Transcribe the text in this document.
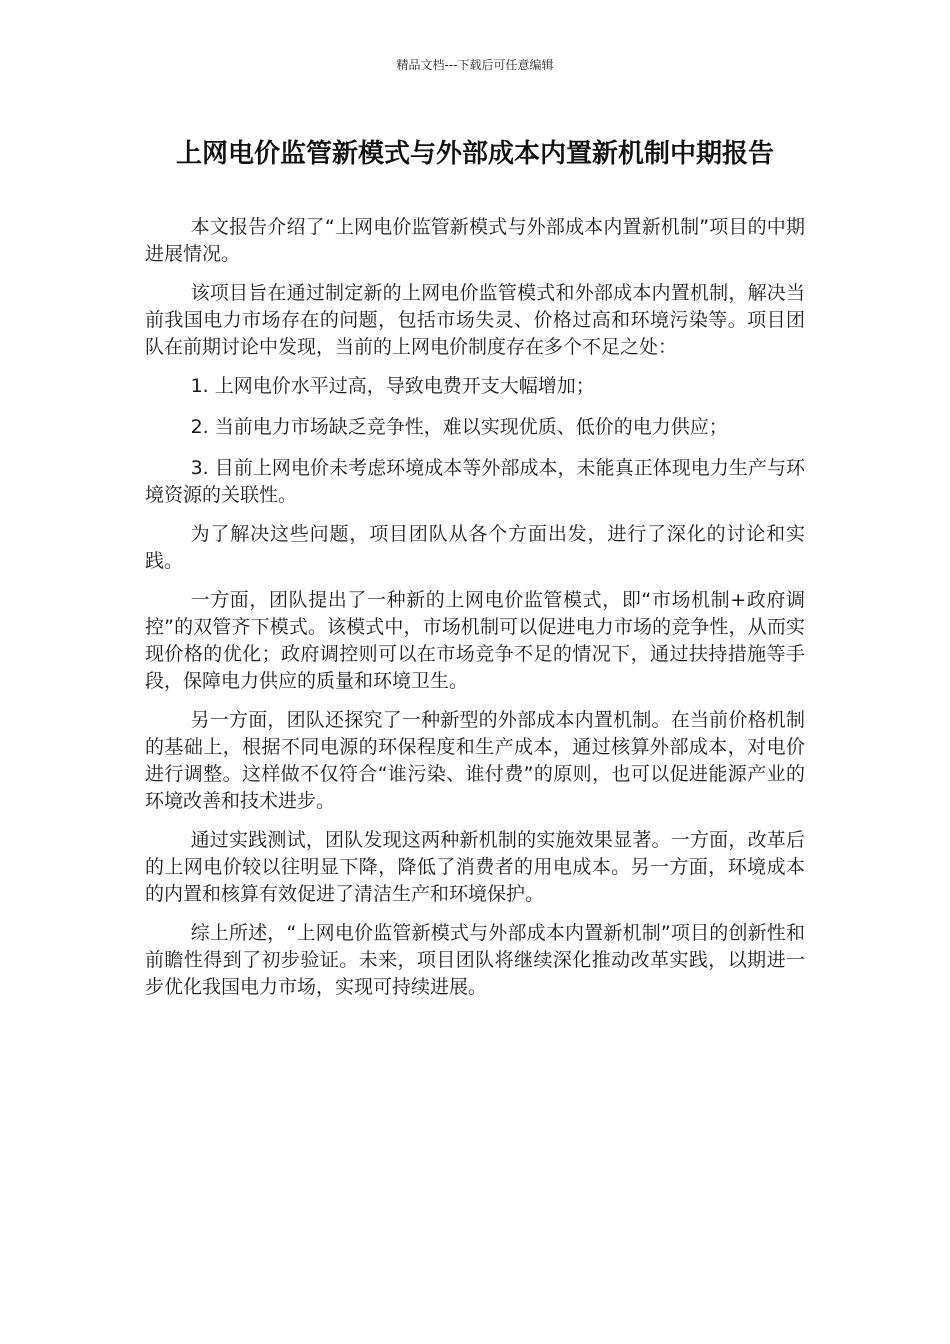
精品文档---下载后可任意编辑
上网电价监管新模式与外部成本内置新机制中期报告

本文报告介绍了“上网电价监管新模式与外部成本内置新机制”项目的中期进展情况。

该项目旨在通过制定新的上网电价监管模式和外部成本内置机制，解决当前我国电力市场存在的问题，包括市场失灵、价格过高和环境污染等。项目团队在前期讨论中发现，当前的上网电价制度存在多个不足之处：

1. 上网电价水平过高，导致电费开支大幅增加；

2. 当前电力市场缺乏竞争性，难以实现优质、低价的电力供应；

3. 目前上网电价未考虑环境成本等外部成本，未能真正体现电力生产与环境资源的关联性。

为了解决这些问题，项目团队从各个方面出发，进行了深化的讨论和实践。

一方面，团队提出了一种新的上网电价监管模式，即“市场机制+政府调控”的双管齐下模式。该模式中，市场机制可以促进电力市场的竞争性，从而实现价格的优化；政府调控则可以在市场竞争不足的情况下，通过扶持措施等手段，保障电力供应的质量和环境卫生。

另一方面，团队还探究了一种新型的外部成本内置机制。在当前价格机制的基础上，根据不同电源的环保程度和生产成本，通过核算外部成本，对电价进行调整。这样做不仅符合“谁污染、谁付费”的原则，也可以促进能源产业的环境改善和技术进步。

通过实践测试，团队发现这两种新机制的实施效果显著。一方面，改革后的上网电价较以往明显下降，降低了消费者的用电成本。另一方面，环境成本的内置和核算有效促进了清洁生产和环境保护。

综上所述，“上网电价监管新模式与外部成本内置新机制”项目的创新性和前瞻性得到了初步验证。未来，项目团队将继续深化推动改革实践，以期进一步优化我国电力市场，实现可持续进展。
